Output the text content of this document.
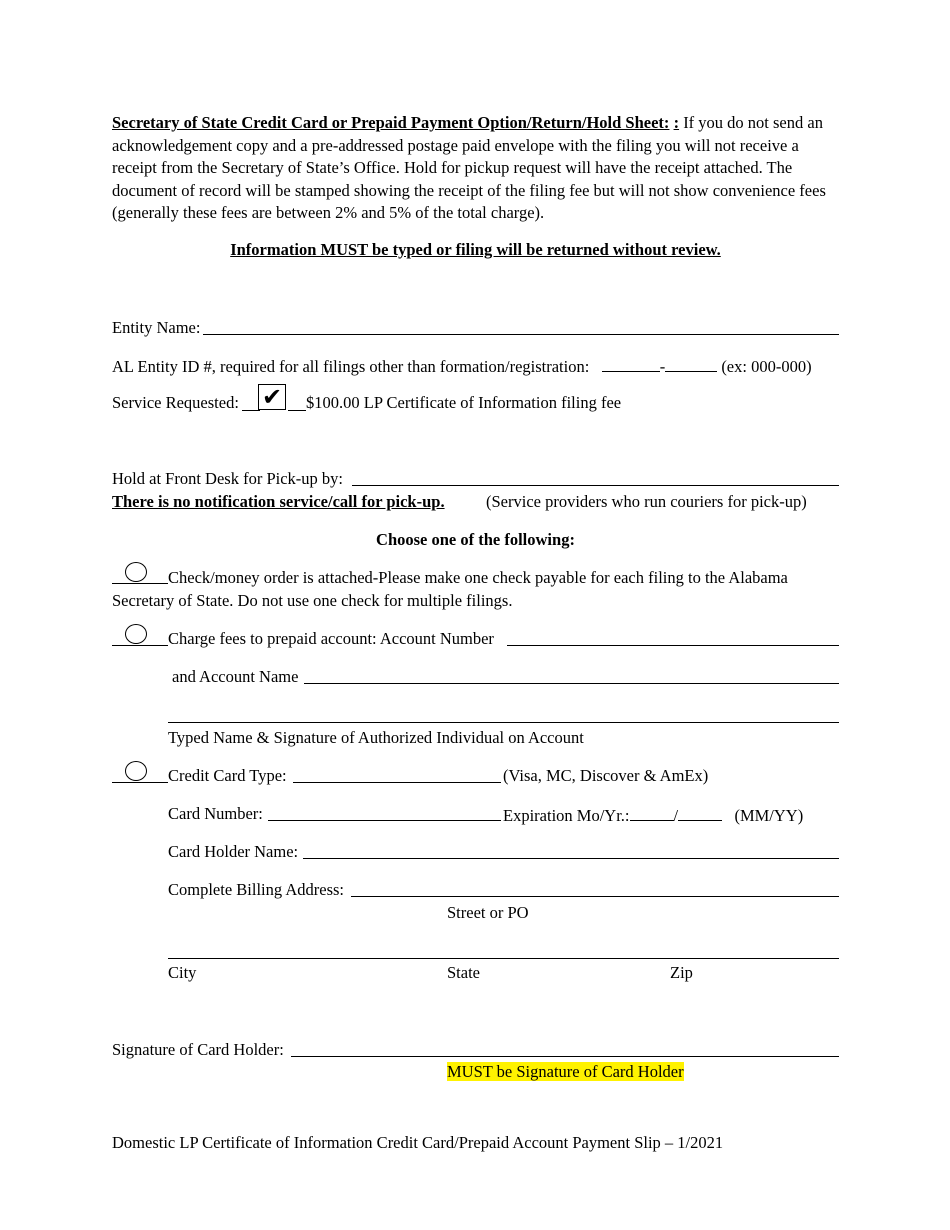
Secretary of State Credit Card or Prepaid Payment Option/Return/Hold Sheet: : If you do not send an acknowledgement copy and a pre-addressed postage paid envelope with the filing you will not receive a receipt from the Secretary of State’s Office. Hold for pickup request will have the receipt attached. The document of record will be stamped showing the receipt of the filing fee but will not show convenience fees (generally these fees are between 2% and 5% of the total charge).
Information MUST be typed or filing will be returned without review.
Entity Name:
AL Entity ID #, required for all filings other than formation/registration:	-	(ex: 000-000)
Service Requested: ✔ $100.00 LP Certificate of Information filing fee
Hold at Front Desk for Pick-up by:
There is no notification service/call for pick-up.	(Service providers who run couriers for pick-up)
Choose one of the following:
Check/money order is attached-Please make one check payable for each filing to the Alabama
Secretary of State. Do not use one check for multiple filings.
Charge fees to prepaid account: Account Number
and Account Name
Typed Name & Signature of Authorized Individual on Account
Credit Card Type:	(Visa, MC, Discover & AmEx)
Card Number:	Expiration Mo/Yr.:	/	(MM/YY)
Card Holder Name:
Complete Billing Address:
Street or PO
City	State	Zip
Signature of Card Holder:
MUST be Signature of Card Holder
Domestic LP Certificate of Information Credit Card/Prepaid Account Payment Slip – 1/2021
